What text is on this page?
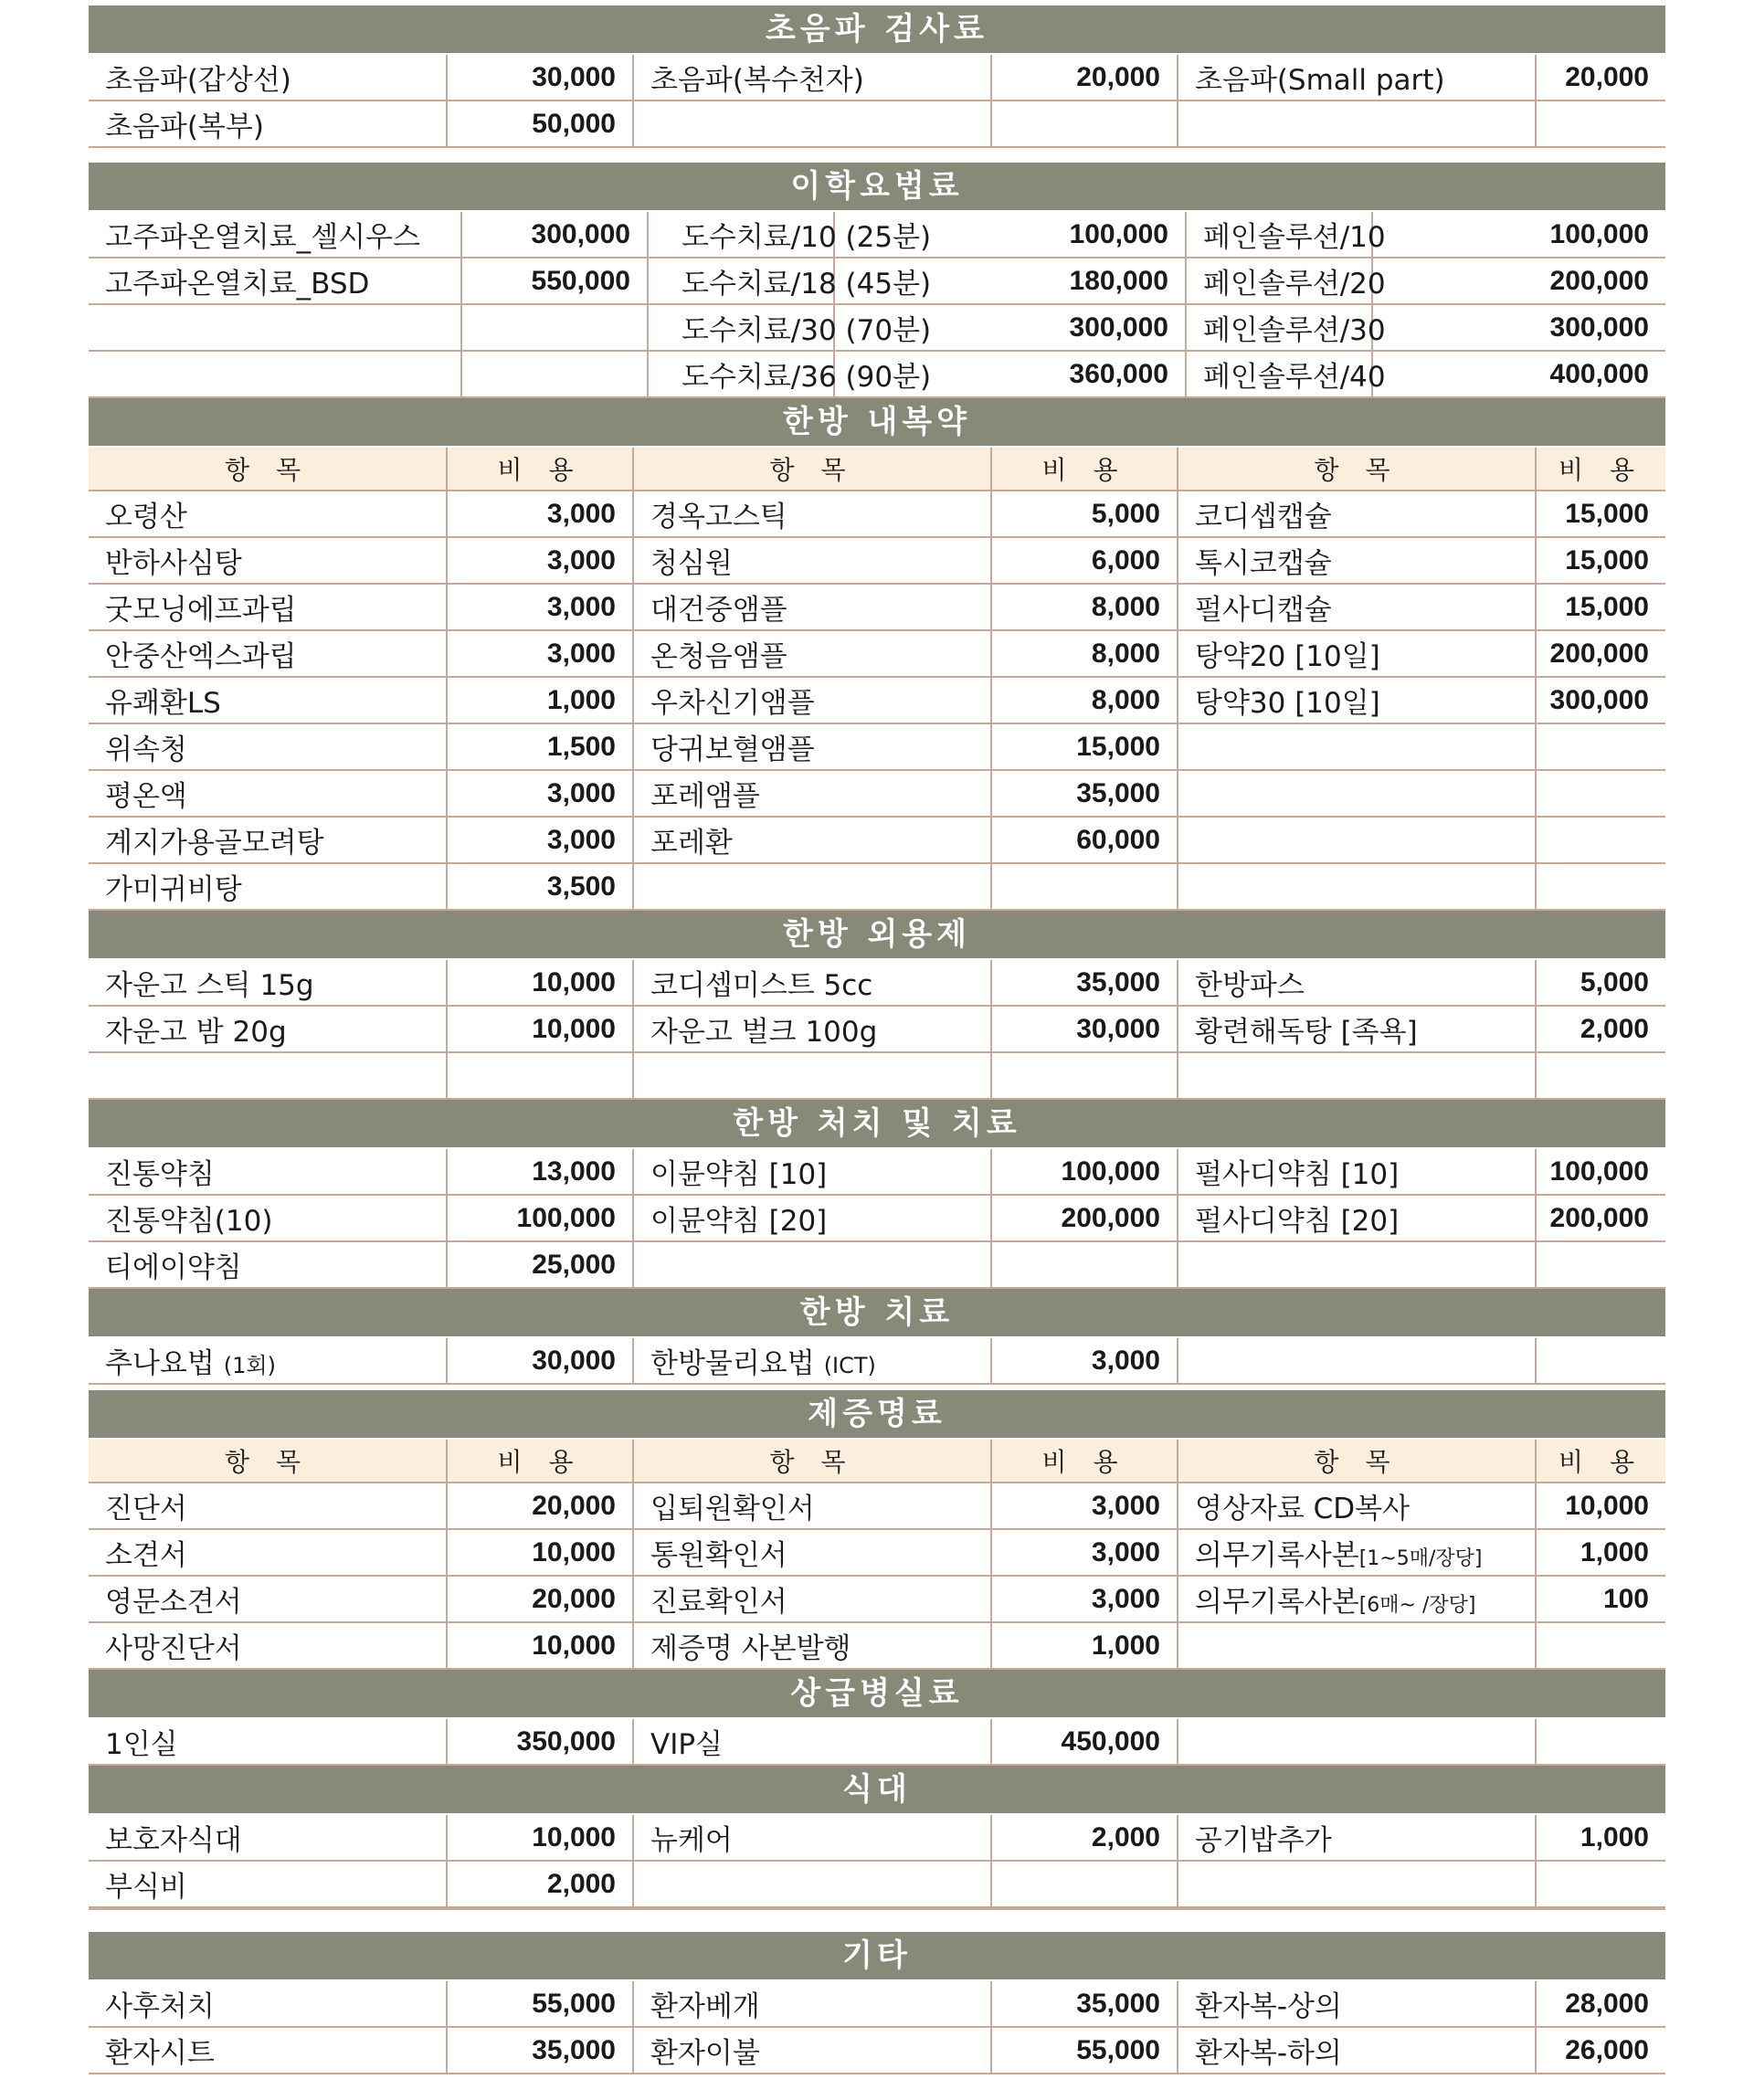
초음파 검사료
초음파(갑상선)	30,000	초음파(복수천자)	20,000	초음파(Small part)	20,000
초음파(복부)	50,000				
이학요법료
고주파온열치료_셀시우스	300,000	도수치료/10 (25분)	100,000	페인솔루션/10	100,000
고주파온열치료_BSD	550,000	도수치료/18 (45분)	180,000	페인솔루션/20	200,000
		도수치료/30 (70분)	300,000	페인솔루션/30	300,000
		도수치료/36 (90분)	360,000	페인솔루션/40	400,000
한방 내복약
항 목	비 용	항 목	비 용	항 목	비 용
오령산	3,000	경옥고스틱	5,000	코디셉캡슐	15,000
반하사심탕	3,000	청심원	6,000	톡시코캡슐	15,000
굿모닝에프과립	3,000	대건중앰플	8,000	펄사디캡슐	15,000
안중산엑스과립	3,000	온청음앰플	8,000	탕약20 [10일]	200,000
유쾌환LS	1,000	우차신기앰플	8,000	탕약30 [10일]	300,000
위속청	1,500	당귀보혈앰플	15,000		
평온액	3,000	포레앰플	35,000		
계지가용골모려탕	3,000	포레환	60,000		
가미귀비탕	3,500				
한방 외용제
자운고 스틱 15g	10,000	코디셉미스트 5cc	35,000	한방파스	5,000
자운고 밤 20g	10,000	자운고 벌크 100g	30,000	황련해독탕 [족욕]	2,000

한방 처치 및 치료
진통약침	13,000	이뮨약침 [10]	100,000	펄사디약침 [10]	100,000
진통약침(10)	100,000	이뮨약침 [20]	200,000	펄사디약침 [20]	200,000
티에이약침	25,000				
한방 치료
추나요법 (1회)	30,000	한방물리요법 (ICT)	3,000		
제증명료
항 목	비 용	항 목	비 용	항 목	비 용
진단서	20,000	입퇴원확인서	3,000	영상자료 CD복사	10,000
소견서	10,000	통원확인서	3,000	의무기록사본[1~5매/장당]	1,000
영문소견서	20,000	진료확인서	3,000	의무기록사본[6매~ /장당]	100
사망진단서	10,000	제증명 사본발행	1,000		
상급병실료
1인실	350,000	VIP실	450,000		
식대
보호자식대	10,000	뉴케어	2,000	공기밥추가	1,000
부식비	2,000				
기타
사후처치	55,000	환자베개	35,000	환자복-상의	28,000
환자시트	35,000	환자이불	55,000	환자복-하의	26,000
